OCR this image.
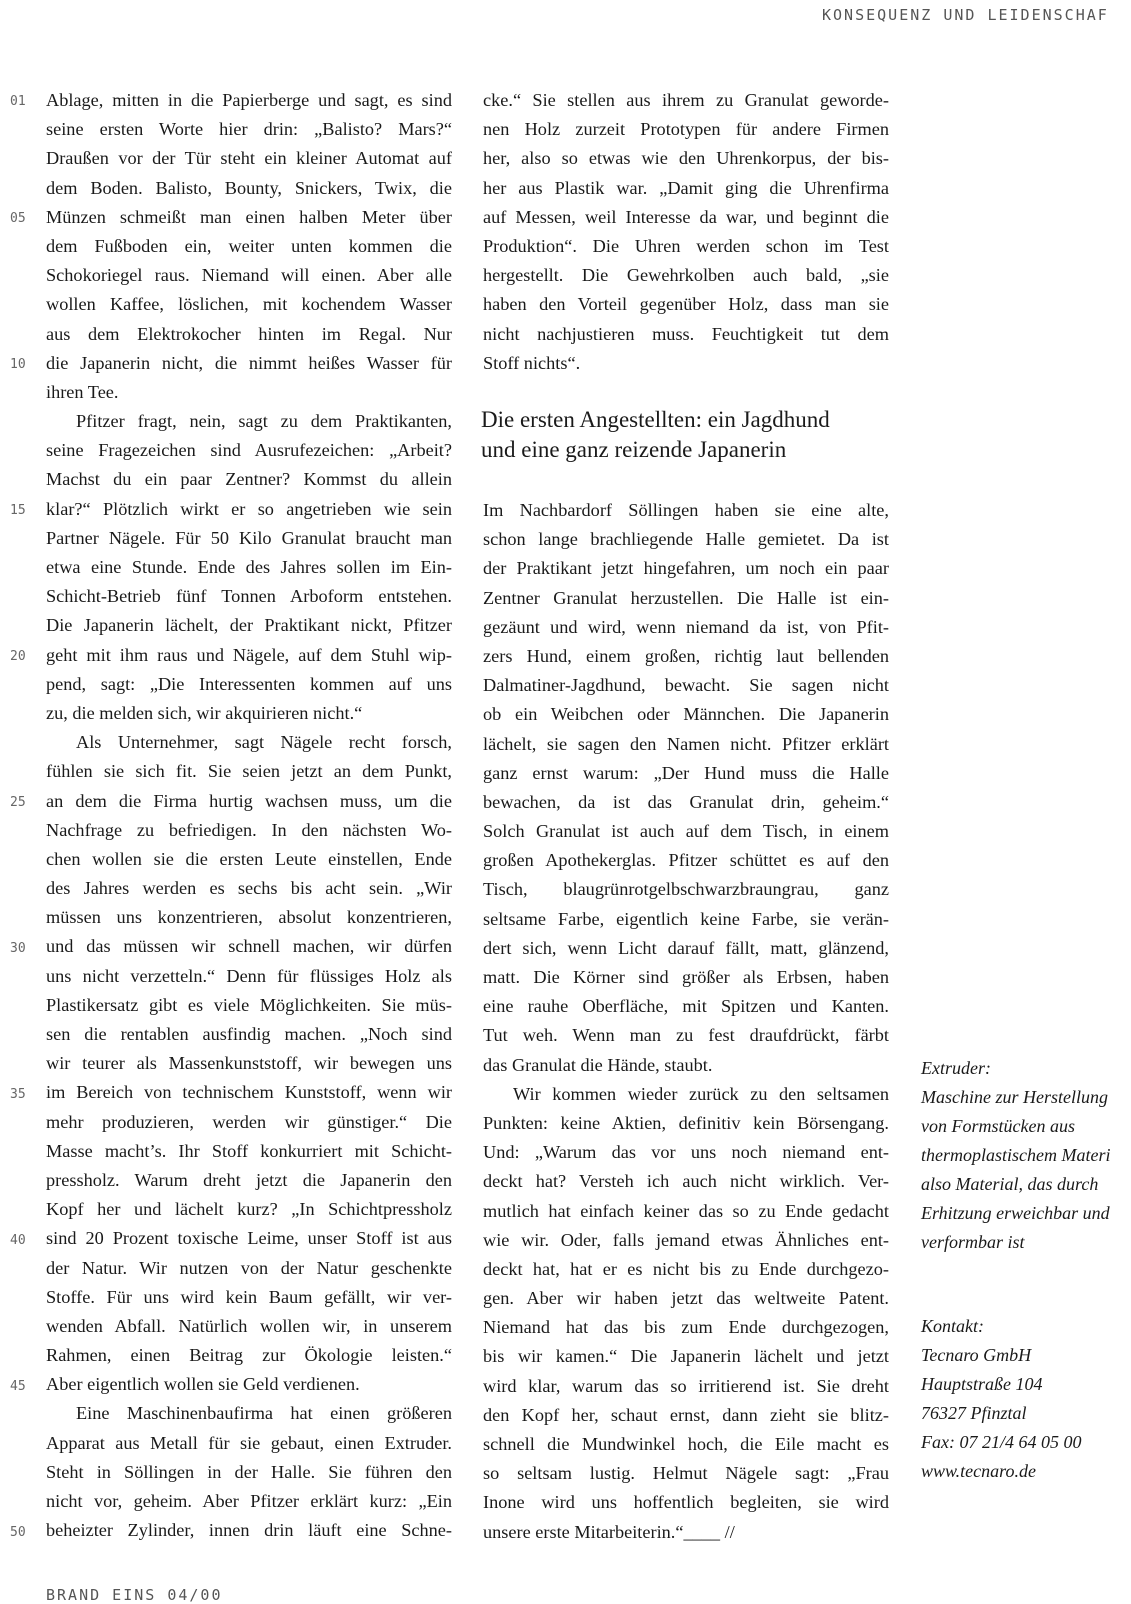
KONSEQUENZ UND LEIDENSCHAF
01
05
10
15
20
25
30
35
40
45
50
Ablage, mitten in die Papierberge und sagt, es sind
seine ersten Worte hier drin: „Balisto? Mars?“
Draußen vor der Tür steht ein kleiner Automat auf
dem Boden. Balisto, Bounty, Snickers, Twix, die
Münzen schmeißt man einen halben Meter über
dem Fußboden ein, weiter unten kommen die
Schokoriegel raus. Niemand will einen. Aber alle
wollen Kaffee, löslichen, mit kochendem Wasser
aus dem Elektrokocher hinten im Regal. Nur
die Japanerin nicht, die nimmt heißes Wasser für
ihren Tee.
Pfitzer fragt, nein, sagt zu dem Praktikanten,
seine Fragezeichen sind Ausrufezeichen: „Arbeit?
Machst du ein paar Zentner? Kommst du allein
klar?“ Plötzlich wirkt er so angetrieben wie sein
Partner Nägele. Für 50 Kilo Granulat braucht man
etwa eine Stunde. Ende des Jahres sollen im Ein-
Schicht-Betrieb fünf Tonnen Arboform entstehen.
Die Japanerin lächelt, der Praktikant nickt, Pfitzer
geht mit ihm raus und Nägele, auf dem Stuhl wip-
pend, sagt: „Die Interessenten kommen auf uns
zu, die melden sich, wir akquirieren nicht.“
Als Unternehmer, sagt Nägele recht forsch,
fühlen sie sich fit. Sie seien jetzt an dem Punkt,
an dem die Firma hurtig wachsen muss, um die
Nachfrage zu befriedigen. In den nächsten Wo-
chen wollen sie die ersten Leute einstellen, Ende
des Jahres werden es sechs bis acht sein. „Wir
müssen uns konzentrieren, absolut konzentrieren,
und das müssen wir schnell machen, wir dürfen
uns nicht verzetteln.“ Denn für flüssiges Holz als
Plastikersatz gibt es viele Möglichkeiten. Sie müs-
sen die rentablen ausfindig machen. „Noch sind
wir teurer als Massenkunststoff, wir bewegen uns
im Bereich von technischem Kunststoff, wenn wir
mehr produzieren, werden wir günstiger.“ Die
Masse macht’s. Ihr Stoff konkurriert mit Schicht-
pressholz. Warum dreht jetzt die Japanerin den
Kopf her und lächelt kurz? „In Schichtpressholz
sind 20 Prozent toxische Leime, unser Stoff ist aus
der Natur. Wir nutzen von der Natur geschenkte
Stoffe. Für uns wird kein Baum gefällt, wir ver-
wenden Abfall. Natürlich wollen wir, in unserem
Rahmen, einen Beitrag zur Ökologie leisten.“
Aber eigentlich wollen sie Geld verdienen.
Eine Maschinenbaufirma hat einen größeren
Apparat aus Metall für sie gebaut, einen Extruder.
Steht in Söllingen in der Halle. Sie führen den
nicht vor, geheim. Aber Pfitzer erklärt kurz: „Ein
beheizter Zylinder, innen drin läuft eine Schne-
cke.“ Sie stellen aus ihrem zu Granulat geworde-
nen Holz zurzeit Prototypen für andere Firmen
her, also so etwas wie den Uhrenkorpus, der bis-
her aus Plastik war. „Damit ging die Uhrenfirma
auf Messen, weil Interesse da war, und beginnt die
Produktion“. Die Uhren werden schon im Test
hergestellt. Die Gewehrkolben auch bald, „sie
haben den Vorteil gegenüber Holz, dass man sie
nicht nachjustieren muss. Feuchtigkeit tut dem
Stoff nichts“.
Die ersten Angestellten: ein Jagdhund
und eine ganz reizende Japanerin
Im Nachbardorf Söllingen haben sie eine alte,
schon lange brachliegende Halle gemietet. Da ist
der Praktikant jetzt hingefahren, um noch ein paar
Zentner Granulat herzustellen. Die Halle ist ein-
gezäunt und wird, wenn niemand da ist, von Pfit-
zers Hund, einem großen, richtig laut bellenden
Dalmatiner-Jagdhund, bewacht. Sie sagen nicht
ob ein Weibchen oder Männchen. Die Japanerin
lächelt, sie sagen den Namen nicht. Pfitzer erklärt
ganz ernst warum: „Der Hund muss die Halle
bewachen, da ist das Granulat drin, geheim.“
Solch Granulat ist auch auf dem Tisch, in einem
großen Apothekerglas. Pfitzer schüttet es auf den
Tisch, blaugrünrotgelbschwarzbraungrau, ganz
seltsame Farbe, eigentlich keine Farbe, sie verän-
dert sich, wenn Licht darauf fällt, matt, glänzend,
matt. Die Körner sind größer als Erbsen, haben
eine rauhe Oberfläche, mit Spitzen und Kanten.
Tut weh. Wenn man zu fest draufdrückt, färbt
das Granulat die Hände, staubt.
Wir kommen wieder zurück zu den seltsamen
Punkten: keine Aktien, definitiv kein Börsengang.
Und: „Warum das vor uns noch niemand ent-
deckt hat? Versteh ich auch nicht wirklich. Ver-
mutlich hat einfach keiner das so zu Ende gedacht
wie wir. Oder, falls jemand etwas Ähnliches ent-
deckt hat, hat er es nicht bis zu Ende durchgezo-
gen. Aber wir haben jetzt das weltweite Patent.
Niemand hat das bis zum Ende durchgezogen,
bis wir kamen.“ Die Japanerin lächelt und jetzt
wird klar, warum das so irritierend ist. Sie dreht
den Kopf her, schaut ernst, dann zieht sie blitz-
schnell die Mundwinkel hoch, die Eile macht es
so seltsam lustig. Helmut Nägele sagt: „Frau
Inone wird uns hoffentlich begleiten, sie wird
unsere erste Mitarbeiterin.“____ //
Extruder:
Maschine zur Herstellung
von Formstücken aus
thermoplastischem Materi
also Material, das durch
Erhitzung erweichbar und
verformbar ist
Kontakt:
Tecnaro GmbH
Hauptstraße 104
76327 Pfinztal
Fax: 07 21/4 64 05 00
www.tecnaro.de
BRAND EINS 04/00
